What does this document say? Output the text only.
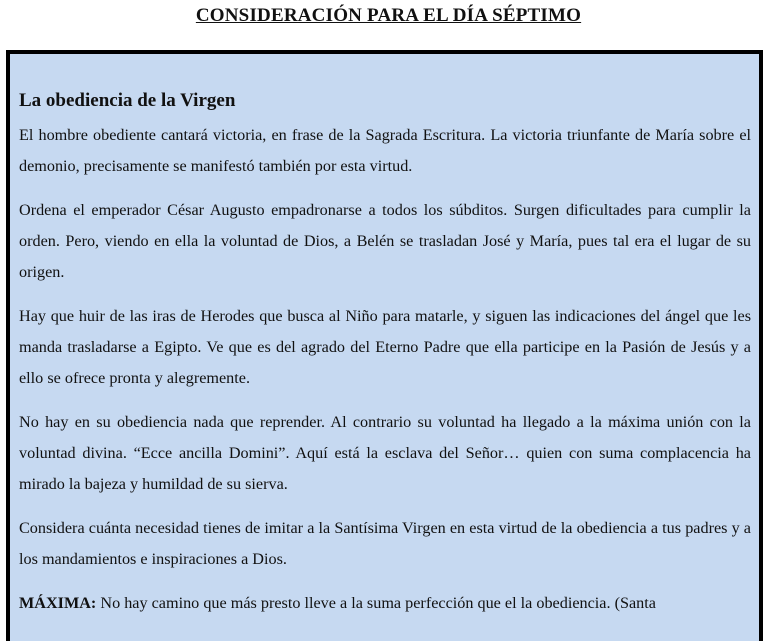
CONSIDERACIÓN PARA EL DÍA SÉPTIMO
La obediencia de la Virgen

El hombre obediente cantará victoria, en frase de la Sagrada Escritura. La victoria triunfante de María sobre el demonio, precisamente se manifestó también por esta virtud.

Ordena el emperador César Augusto empadronarse a todos los súbditos. Surgen dificultades para cumplir la orden. Pero, viendo en ella la voluntad de Dios, a Belén se trasladan José y María, pues tal era el lugar de su origen.

Hay que huir de las iras de Herodes que busca al Niño para matarle, y siguen las indicaciones del ángel que les manda trasladarse a Egipto. Ve que es del agrado del Eterno Padre que ella participe en la Pasión de Jesús y a ello se ofrece pronta y alegremente.

No hay en su obediencia nada que reprender. Al contrario su voluntad ha llegado a la máxima unión con la voluntad divina. “Ecce ancilla Domini”. Aquí está la esclava del Señor… quien con suma complacencia ha mirado la bajeza y humildad de su sierva.

Considera cuánta necesidad tienes de imitar a la Santísima Virgen en esta virtud de la obediencia a tus padres y a los mandamientos e inspiraciones a Dios.

MÁXIMA: No hay camino que más presto lleve a la suma perfección que el la obediencia. (Santa
